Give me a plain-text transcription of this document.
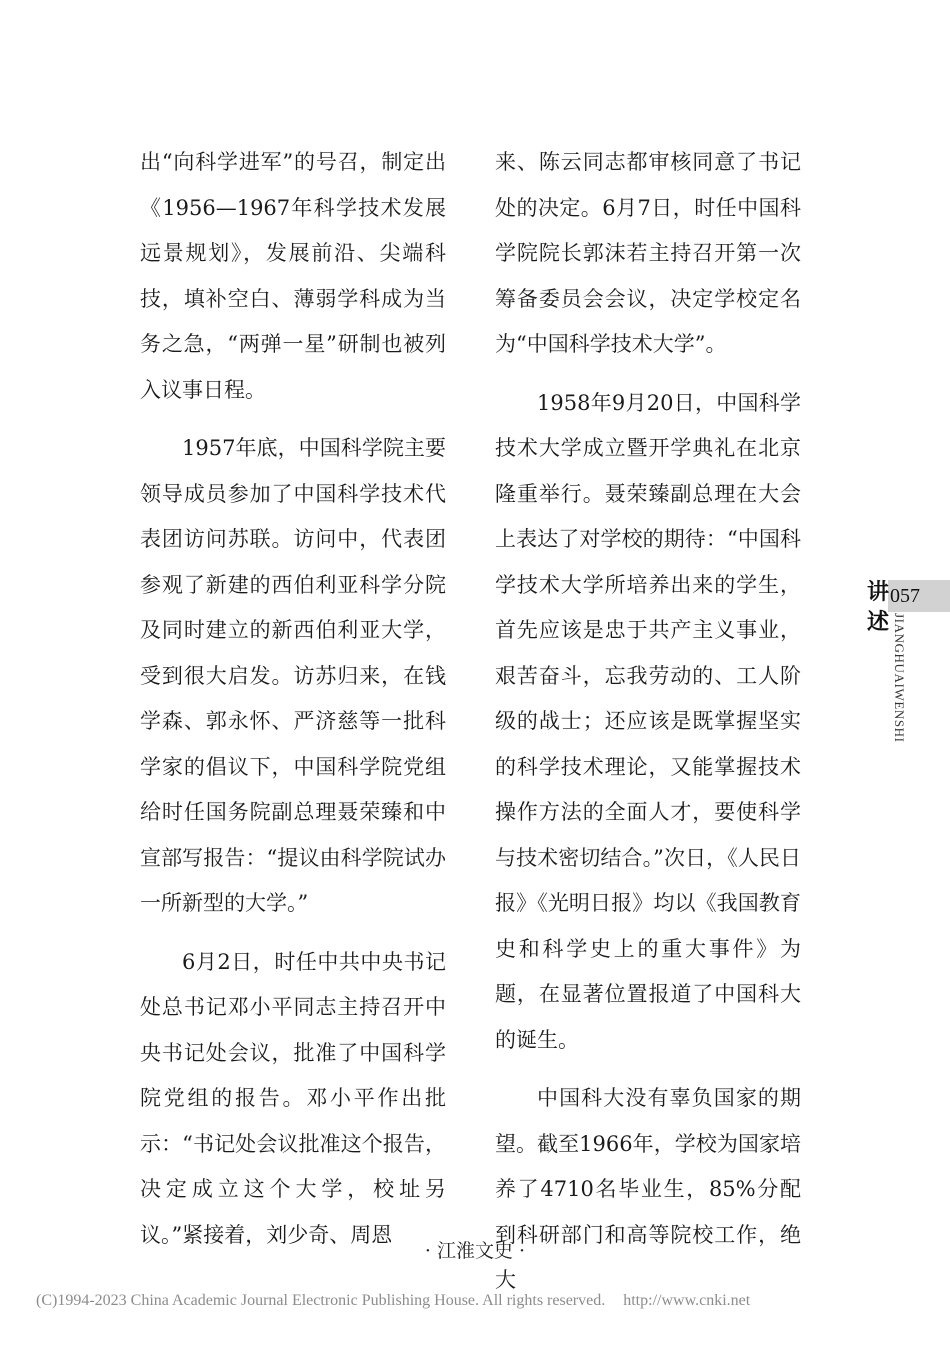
出“向科学进军”的号召，制定出《1956—1967年科学技术发展远景规划》，发展前沿、尖端科技，填补空白、薄弱学科成为当务之急，“两弹一星”研制也被列入议事日程。

1957年底，中国科学院主要领导成员参加了中国科学技术代表团访问苏联。访问中，代表团参观了新建的西伯利亚科学分院及同时建立的新西伯利亚大学，受到很大启发。访苏归来，在钱学森、郭永怀、严济慈等一批科学家的倡议下，中国科学院党组给时任国务院副总理聂荣臻和中宣部写报告：“提议由科学院试办一所新型的大学。”

6月2日，时任中共中央书记处总书记邓小平同志主持召开中央书记处会议，批准了中国科学院党组的报告。邓小平作出批示：“书记处会议批准这个报告，决定成立这个大学，校址另议。”紧接着，刘少奇、周恩

来、陈云同志都审核同意了书记处的决定。6月7日，时任中国科学院院长郭沫若主持召开第一次筹备委员会会议，决定学校定名为“中国科学技术大学”。

1958年9月20日，中国科学技术大学成立暨开学典礼在北京隆重举行。聂荣臻副总理在大会上表达了对学校的期待：“中国科学技术大学所培养出来的学生，首先应该是忠于共产主义事业，艰苦奋斗，忘我劳动的、工人阶级的战士；还应该是既掌握坚实的科学技术理论，又能掌握技术操作方法的全面人才，要使科学与技术密切结合。”次日，《人民日报》《光明日报》均以《我国教育史和科学史上的重大事件》为题，在显著位置报道了中国科大的诞生。

中国科大没有辜负国家的期望。截至1966年，学校为国家培养了4710名毕业生，85%分配到科研部门和高等院校工作，绝大

讲
述
057
JIANGHUAIWENSHI
· 江淮文史 ·
(C)1994-2023 China Academic Journal Electronic Publishing House. All rights reserved. http://www.cnki.net
